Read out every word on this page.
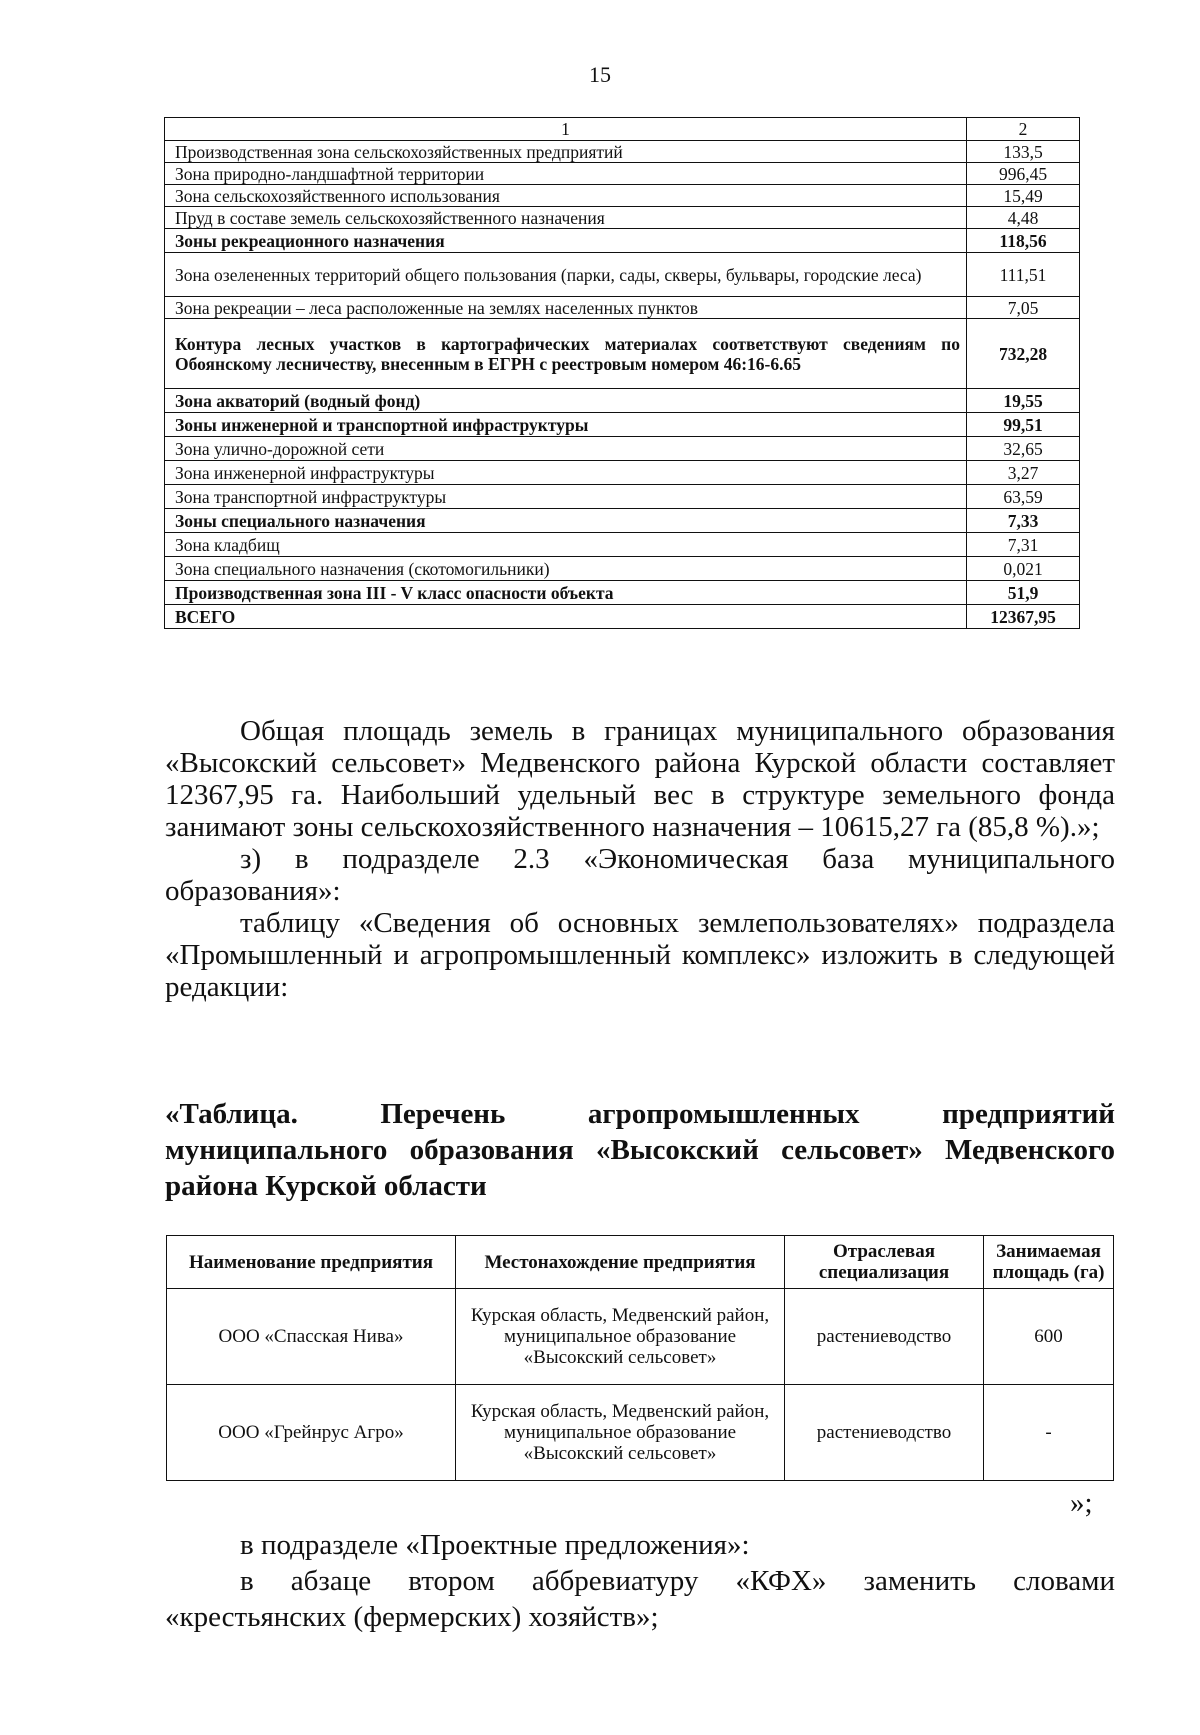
15
1	2
Производственная зона сельскохозяйственных предприятий	133,5
Зона природно-ландшафтной территории	996,45
Зона сельскохозяйственного использования	15,49
Пруд в составе земель сельскохозяйственного назначения	4,48
Зоны рекреационного назначения	118,56
Зона озелененных территорий общего пользования (парки, сады, скверы, бульвары, городские леса)	111,51
Зона рекреации – леса расположенные на землях населенных пунктов	7,05
Контура лесных участков в картографических материалах соответствуют сведениям по Обоянскому лесничеству, внесенным в ЕГРН с реестровым номером 46:16-6.65	732,28
Зона акваторий (водный фонд)	19,55
Зоны инженерной и транспортной инфраструктуры	99,51
Зона улично-дорожной сети	32,65
Зона инженерной инфраструктуры	3,27
Зона транспортной инфраструктуры	63,59
Зоны специального назначения	7,33
Зона кладбищ	7,31
Зона специального назначения (скотомогильники)	0,021
Производственная зона III - V класс опасности объекта	51,9
ВСЕГО	12367,95

Общая площадь земель в границах муниципального образования «Высокский сельсовет» Медвенского района Курской области составляет 12367,95 га. Наибольший удельный вес в структуре земельного фонда занимают зоны сельскохозяйственного назначения – 10615,27 га (85,8 %).»;

з) в подразделе 2.3 «Экономическая база муниципального образования»:

таблицу «Сведения об основных землепользователях» подраздела «Промышленный и агропромышленный комплекс» изложить в следующей редакции:

«Таблица. Перечень агропромышленных предприятий муниципального образования «Высокский сельсовет» Медвенского района Курской области

Наименование предприятия	Местонахождение предприятия	Отраслевая специализация	Занимаемая площадь (га)
ООО «Спасская Нива»	Курская область, Медвенский район, муниципальное образование «Высокский сельсовет»	растениеводство	600
ООО «Грейнрус Агро»	Курская область, Медвенский район, муниципальное образование «Высокский сельсовет»	растениеводство	-
»;

в подразделе «Проектные предложения»:

в абзаце втором аббревиатуру «КФХ» заменить словами «крестьянских (фермерских) хозяйств»;
